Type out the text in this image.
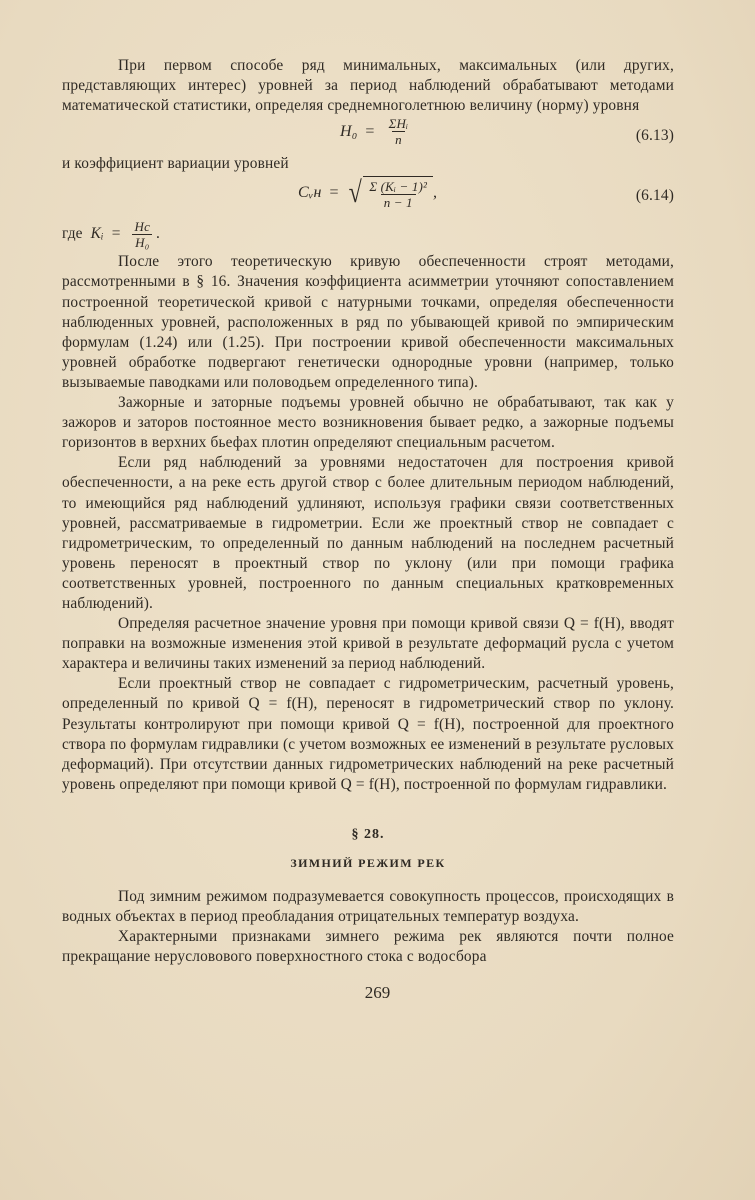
При первом способе ряд минимальных, максимальных (или других, представляющих интерес) уровней за период наблюдений обрабатывают методами математической статистики, определяя среднемноголетнюю величину (норму) уровня

$H_0 = \frac{\text{ΣHᵢ}}{n}$	(6.13)

и коэффициент вариации уровней

Cᵥн = √ $\frac{\text{Σ (Kᵢ − 1)²}}{n - 1}$ ,	(6.14)
где
Kᵢ = $\frac{Hс}{\text{H₀}}$ .

После этого теоретическую кривую обеспеченности строят методами, рассмотренными в § 16. Значения коэффициента асимметрии уточняют сопоставлением построенной теоретической кривой с натурными точками, определяя обеспеченности наблюденных уровней, расположенных в ряд по убывающей кривой по эмпирическим формулам (1.24) или (1.25). При построении кривой обеспеченности максимальных уровней обработке подвергают генетически однородные уровни (например, только вызываемые паводками или половодьем определенного типа).

Зажорные и заторные подъемы уровней обычно не обрабатывают, так как у зажоров и заторов постоянное место возникновения бывает редко, а зажорные подъемы горизонтов в верхних бьефах плотин определяют специальным расчетом.

Если ряд наблюдений за уровнями недостаточен для построения кривой обеспеченности, а на реке есть другой створ с более длительным периодом наблюдений, то имеющийся ряд наблюдений удлиняют, используя графики связи соответственных уровней, рассматриваемые в гидрометрии. Если же проектный створ не совпадает с гидрометрическим, то определенный по данным наблюдений на последнем расчетный уровень переносят в проектный створ по уклону (или при помощи графика соответственных уровней, построенного по данным специальных кратковременных наблюдений).

Определяя расчетное значение уровня при помощи кривой связи Q = f(H), вводят поправки на возможные изменения этой кривой в результате деформаций русла с учетом характера и величины таких изменений за период наблюдений.

Если проектный створ не совпадает с гидрометрическим, расчетный уровень, определенный по кривой Q = f(H), переносят в гидрометрический створ по уклону. Результаты контролируют при помощи кривой Q = f(H), построенной для проектного створа по формулам гидравлики (с учетом возможных ее изменений в результате русловых деформаций). При отсутствии данных гидрометрических наблюдений на реке расчетный уровень определяют при помощи кривой Q = f(H), построенной по формулам гидравлики.

§ 28.
ЗИМНИЙ РЕЖИМ РЕК

Под зимним режимом подразумевается совокупность процессов, происходящих в водных объектах в период преобладания отрицательных температур воздуха.

Характерными признаками зимнего режима рек являются почти полное прекращание нерусловового поверхностного стока с водосбора

269
